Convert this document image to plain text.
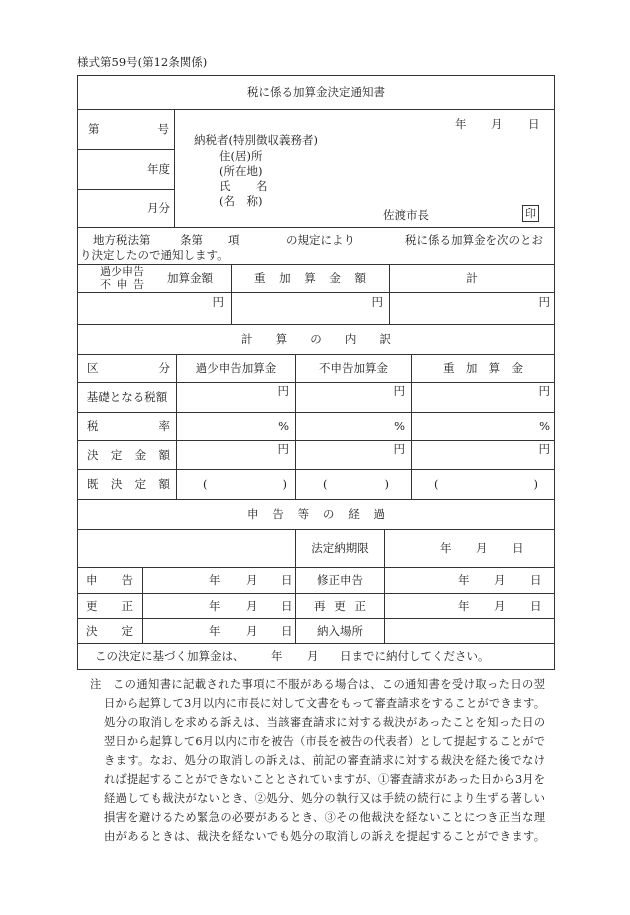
様式第59号(第12条関係)
税に係る加算金決定通知書
第	号
年度
月分
年 月 日
納税者(特別徴収義務者)
住(居)所
(所在地)
氏 名
(名　称)
佐渡市長	印
地方税法第	条第 項	の規定により	税に係る加算金を次のとお
り決定したので通知します。
過少申告
不 申 告 加算金額	重 加 算 金 額	計
円	円	円
計 算 の 内 訳
区	分 過少申告加算金	不申告加算金	重 加 算 金
基礎となる税額	円	円	円
税	率	%	%	%
決 定 金 額	円	円	円
既 決 定 額	(	)	(	)	(	)
申 告 等 の 経 過
法定納期限	年 月 日
申 告	年 月 日 修正申告	年 月 日
更 正	年 月 日 再 更 正	年 月 日
決 定	年 月 日 納入場所
この決定に基づく加算金は、 年 月 日までに納付してください。
注 この通知書に記載された事項に不服がある場合は、この通知書を受け取った日の翌
日から起算して3月以内に市長に対して文書をもって審査請求をすることができます。
処分の取消しを求める訴えは、当該審査請求に対する裁決があったことを知った日の
翌日から起算して6月以内に市を被告（市長を被告の代表者）として提起することがで
きます。なお、処分の取消しの訴えは、前記の審査請求に対する裁決を経た後でなけ
れば提起することができないこととされていますが、①審査請求があった日から3月を
経過しても裁決がないとき、②処分、処分の執行又は手続の続行により生ずる著しい
損害を避けるため緊急の必要があるとき、③その他裁決を経ないことにつき正当な理
由があるときは、裁決を経ないでも処分の取消しの訴えを提起することができます。
